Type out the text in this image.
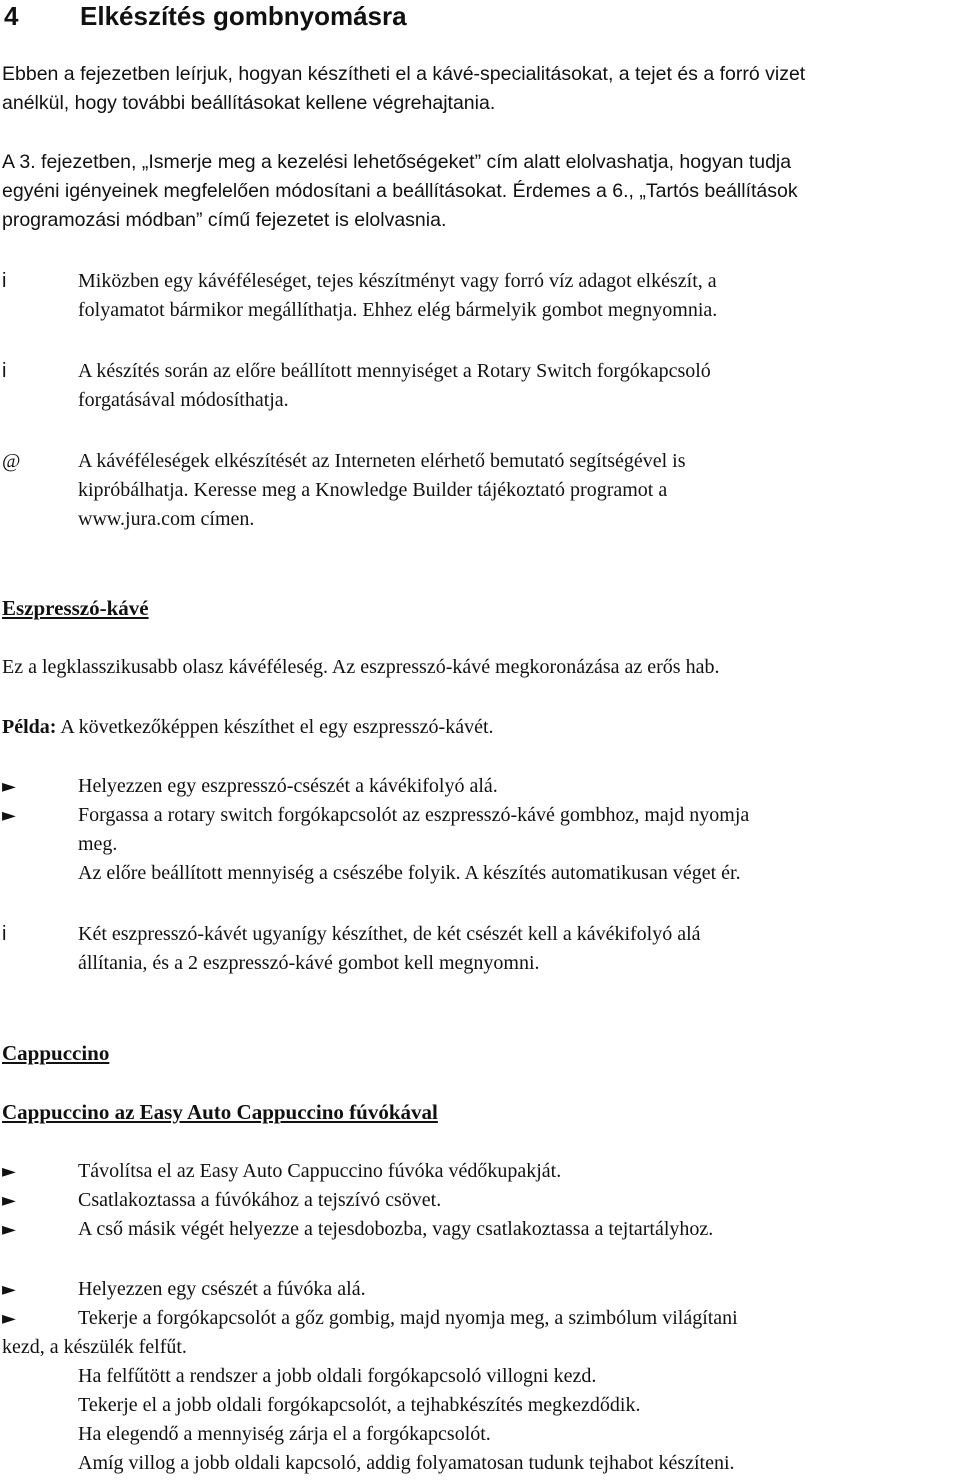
4 Elkészítés gombnyomásra
Ebben a fejezetben leírjuk, hogyan készítheti el a kávé-specialitásokat, a tejet és a forró vizet
anélkül, hogy további beállításokat kellene végrehajtania.
A 3. fejezetben, „Ismerje meg a kezelési lehetőségeket” cím alatt elolvashatja, hogyan tudja
egyéni igényeinek megfelelően módosítani a beállításokat. Érdemes a 6., „Tartós beállítások
programozási módban” című fejezetet is elolvasnia.
i	Miközben egy kávéféleséget, tejes készítményt vagy forró víz adagot elkészít, a
folyamatot bármikor megállíthatja. Ehhez elég bármelyik gombot megnyomnia.
i	A készítés során az előre beállított mennyiséget a Rotary Switch forgókapcsoló
forgatásával módosíthatja.
@	A kávéféleségek elkészítését az Interneten elérhető bemutató segítségével is
kipróbálhatja. Keresse meg a Knowledge Builder tájékoztató programot a
www.jura.com címen.
Eszpresszó-kávé
Ez a legklasszikusabb olasz kávéféleség. Az eszpresszó-kávé megkoronázása az erős hab.
Példa: A következőképpen készíthet el egy eszpresszó-kávét.
►	Helyezzen egy eszpresszó-csészét a kávékifolyó alá.
►	Forgassa a rotary switch forgókapcsolót az eszpresszó-kávé gombhoz, majd nyomja
meg.
Az előre beállított mennyiség a csészébe folyik. A készítés automatikusan véget ér.
i	Két eszpresszó-kávét ugyanígy készíthet, de két csészét kell a kávékifolyó alá
állítania, és a 2 eszpresszó-kávé gombot kell megnyomni.
Cappuccino
Cappuccino az Easy Auto Cappuccino fúvókával
►	Távolítsa el az Easy Auto Cappuccino fúvóka védőkupakját.
►	Csatlakoztassa a fúvókához a tejszívó csövet.
►	A cső másik végét helyezze a tejesdobozba, vagy csatlakoztassa a tejtartályhoz.
►	Helyezzen egy csészét a fúvóka alá.
►	Tekerje a forgókapcsolót a gőz gombig, majd nyomja meg, a szimbólum világítani
kezd, a készülék felfűt.
Ha felfűtött a rendszer a jobb oldali forgókapcsoló villogni kezd.
Tekerje el a jobb oldali forgókapcsolót, a tejhabkészítés megkezdődik.
Ha elegendő a mennyiség zárja el a forgókapcsolót.
Amíg villog a jobb oldali kapcsoló, addig folyamatosan tudunk tejhabot készíteni.
